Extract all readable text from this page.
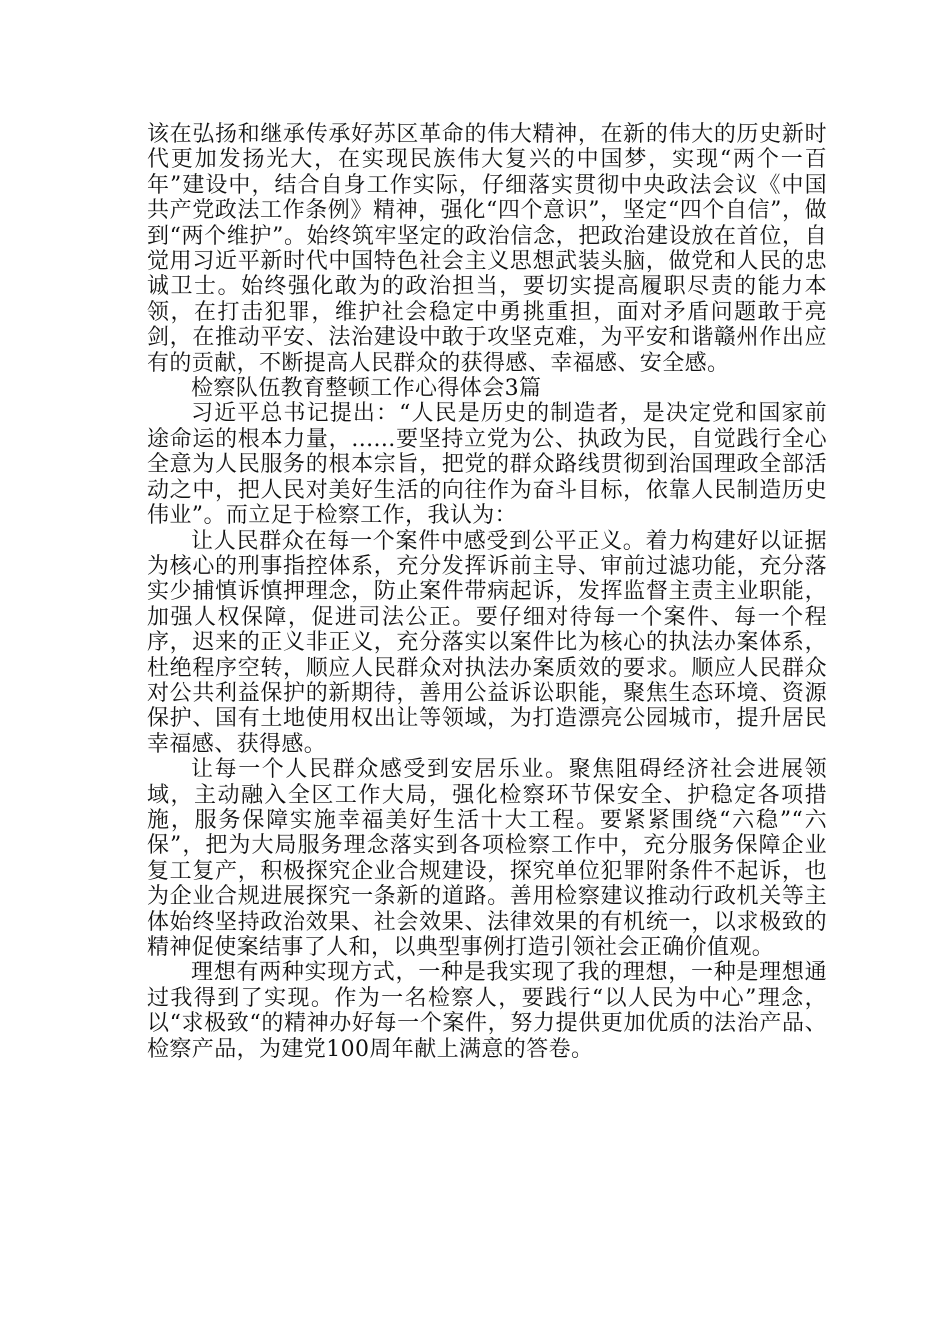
该在弘扬和继承传承好苏区革命的伟大精神，在新的伟大的历史新时代更加发扬光大，在实现民族伟大复兴的中国梦，实现“两个一百年”建设中，结合自身工作实际，仔细落实贯彻中央政法会议《中国共产党政法工作条例》精神，强化“四个意识”，坚定“四个自信”，做到“两个维护”。始终筑牢坚定的政治信念，把政治建设放在首位，自觉用习近平新时代中国特色社会主义思想武装头脑，做党和人民的忠诚卫士。始终强化敢为的政治担当，要切实提高履职尽责的能力本领，在打击犯罪，维护社会稳定中勇挑重担，面对矛盾问题敢于亮剑，在推动平安、法治建设中敢于攻坚克难，为平安和谐赣州作出应有的贡献，不断提高人民群众的获得感、幸福感、安全感。

检察队伍教育整顿工作心得体会3篇

习近平总书记提出：“人民是历史的制造者，是决定党和国家前途命运的根本力量，......要坚持立党为公、执政为民，自觉践行全心全意为人民服务的根本宗旨，把党的群众路线贯彻到治国理政全部活动之中，把人民对美好生活的向往作为奋斗目标，依靠人民制造历史伟业”。而立足于检察工作，我认为：

让人民群众在每一个案件中感受到公平正义。着力构建好以证据为核心的刑事指控体系，充分发挥诉前主导、审前过滤功能，充分落实少捕慎诉慎押理念，防止案件带病起诉，发挥监督主责主业职能，加强人权保障，促进司法公正。要仔细对待每一个案件、每一个程序，迟来的正义非正义，充分落实以案件比为核心的执法办案体系，杜绝程序空转，顺应人民群众对执法办案质效的要求。顺应人民群众对公共利益保护的新期待，善用公益诉讼职能，聚焦生态环境、资源保护、国有土地使用权出让等领域，为打造漂亮公园城市，提升居民幸福感、获得感。

让每一个人民群众感受到安居乐业。聚焦阻碍经济社会进展领域，主动融入全区工作大局，强化检察环节保安全、护稳定各项措施，服务保障实施幸福美好生活十大工程。要紧紧围绕“六稳”“六保”，把为大局服务理念落实到各项检察工作中，充分服务保障企业复工复产，积极探究企业合规建设，探究单位犯罪附条件不起诉，也为企业合规进展探究一条新的道路。善用检察建议推动行政机关等主体始终坚持政治效果、社会效果、法律效果的有机统一，以求极致的精神促使案结事了人和，以典型事例打造引领社会正确价值观。

理想有两种实现方式，一种是我实现了我的理想，一种是理想通过我得到了实现。作为一名检察人，要践行“以人民为中心”理念，以“求极致“的精神办好每一个案件，努力提供更加优质的法治产品、检察产品，为建党100周年献上满意的答卷。
